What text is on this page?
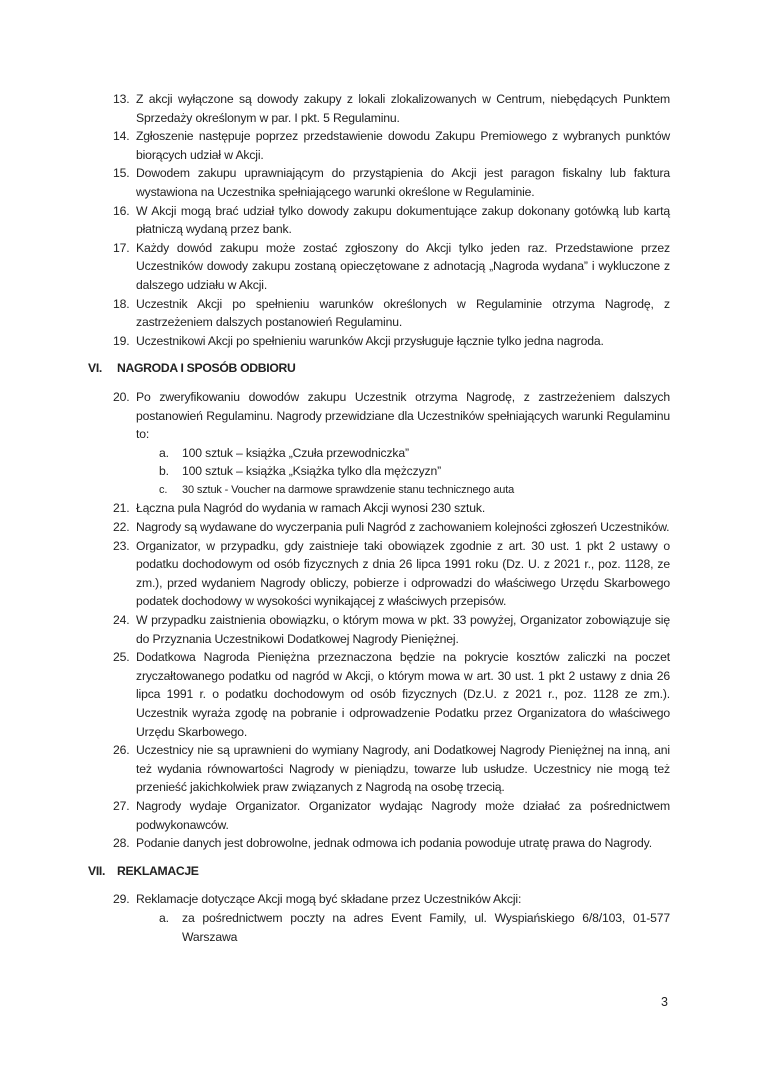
13. Z akcji wyłączone są dowody zakupy z lokali zlokalizowanych w Centrum, niebędących Punktem Sprzedaży określonym w par. I pkt. 5 Regulaminu.
14. Zgłoszenie następuje poprzez przedstawienie dowodu Zakupu Premiowego z wybranych punktów biorących udział w Akcji.
15. Dowodem zakupu uprawniającym do przystąpienia do Akcji jest paragon fiskalny lub faktura wystawiona na Uczestnika spełniającego warunki określone w Regulaminie.
16. W Akcji mogą brać udział tylko dowody zakupu dokumentujące zakup dokonany gotówką lub kartą płatniczą wydaną przez bank.
17. Każdy dowód zakupu może zostać zgłoszony do Akcji tylko jeden raz. Przedstawione przez Uczestników dowody zakupu zostaną opieczętowane z adnotacją „Nagroda wydana” i wykluczone z dalszego udziału w Akcji.
18. Uczestnik Akcji po spełnieniu warunków określonych w Regulaminie otrzyma Nagrodę, z zastrzeżeniem dalszych postanowień Regulaminu.
19. Uczestnikowi Akcji po spełnieniu warunków Akcji przysługuje łącznie tylko jedna nagroda.
VI. NAGRODA I SPOSÓB ODBIORU
20. Po zweryfikowaniu dowodów zakupu Uczestnik otrzyma Nagrodę, z zastrzeżeniem dalszych postanowień Regulaminu. Nagrody przewidziane dla Uczestników spełniających warunki Regulaminu to:
a. 100 sztuk – książka „Czuła przewodniczka”
b. 100 sztuk – książka „Książka tylko dla mężczyzn”
c. 30 sztuk - Voucher na darmowe sprawdzenie stanu technicznego auta
21. Łączna pula Nagród do wydania w ramach Akcji wynosi 230 sztuk.
22. Nagrody są wydawane do wyczerpania puli Nagród z zachowaniem kolejności zgłoszeń Uczestników.
23. Organizator, w przypadku, gdy zaistnieje taki obowiązek zgodnie z art. 30 ust. 1 pkt 2 ustawy o podatku dochodowym od osób fizycznych z dnia 26 lipca 1991 roku (Dz. U. z 2021 r., poz. 1128, ze zm.), przed wydaniem Nagrody obliczy, pobierze i odprowadzi do właściwego Urzędu Skarbowego podatek dochodowy w wysokości wynikającej z właściwych przepisów.
24. W przypadku zaistnienia obowiązku, o którym mowa w pkt. 33 powyżej, Organizator zobowiązuje się do Przyznania Uczestnikowi Dodatkowej Nagrody Pieniężnej.
25. Dodatkowa Nagroda Pieniężna przeznaczona będzie na pokrycie kosztów zaliczki na poczet zryczałtowanego podatku od nagród w Akcji, o którym mowa w art. 30 ust. 1 pkt 2 ustawy z dnia 26 lipca 1991 r. o podatku dochodowym od osób fizycznych (Dz.U. z 2021 r., poz. 1128 ze zm.). Uczestnik wyraża zgodę na pobranie i odprowadzenie Podatku przez Organizatora do właściwego Urzędu Skarbowego.
26. Uczestnicy nie są uprawnieni do wymiany Nagrody, ani Dodatkowej Nagrody Pieniężnej na inną, ani też wydania równowartości Nagrody w pieniądzu, towarze lub usłudze. Uczestnicy nie mogą też przenieść jakichkolwiek praw związanych z Nagrodą na osobę trzecią.
27. Nagrody wydaje Organizator. Organizator wydając Nagrody może działać za pośrednictwem podwykonawców.
28. Podanie danych jest dobrowolne, jednak odmowa ich podania powoduje utratę prawa do Nagrody.
VII. REKLAMACJE
29. Reklamacje dotyczące Akcji mogą być składane przez Uczestników Akcji:
a. za pośrednictwem poczty na adres Event Family, ul. Wyspiańskiego 6/8/103, 01-577 Warszawa
3
